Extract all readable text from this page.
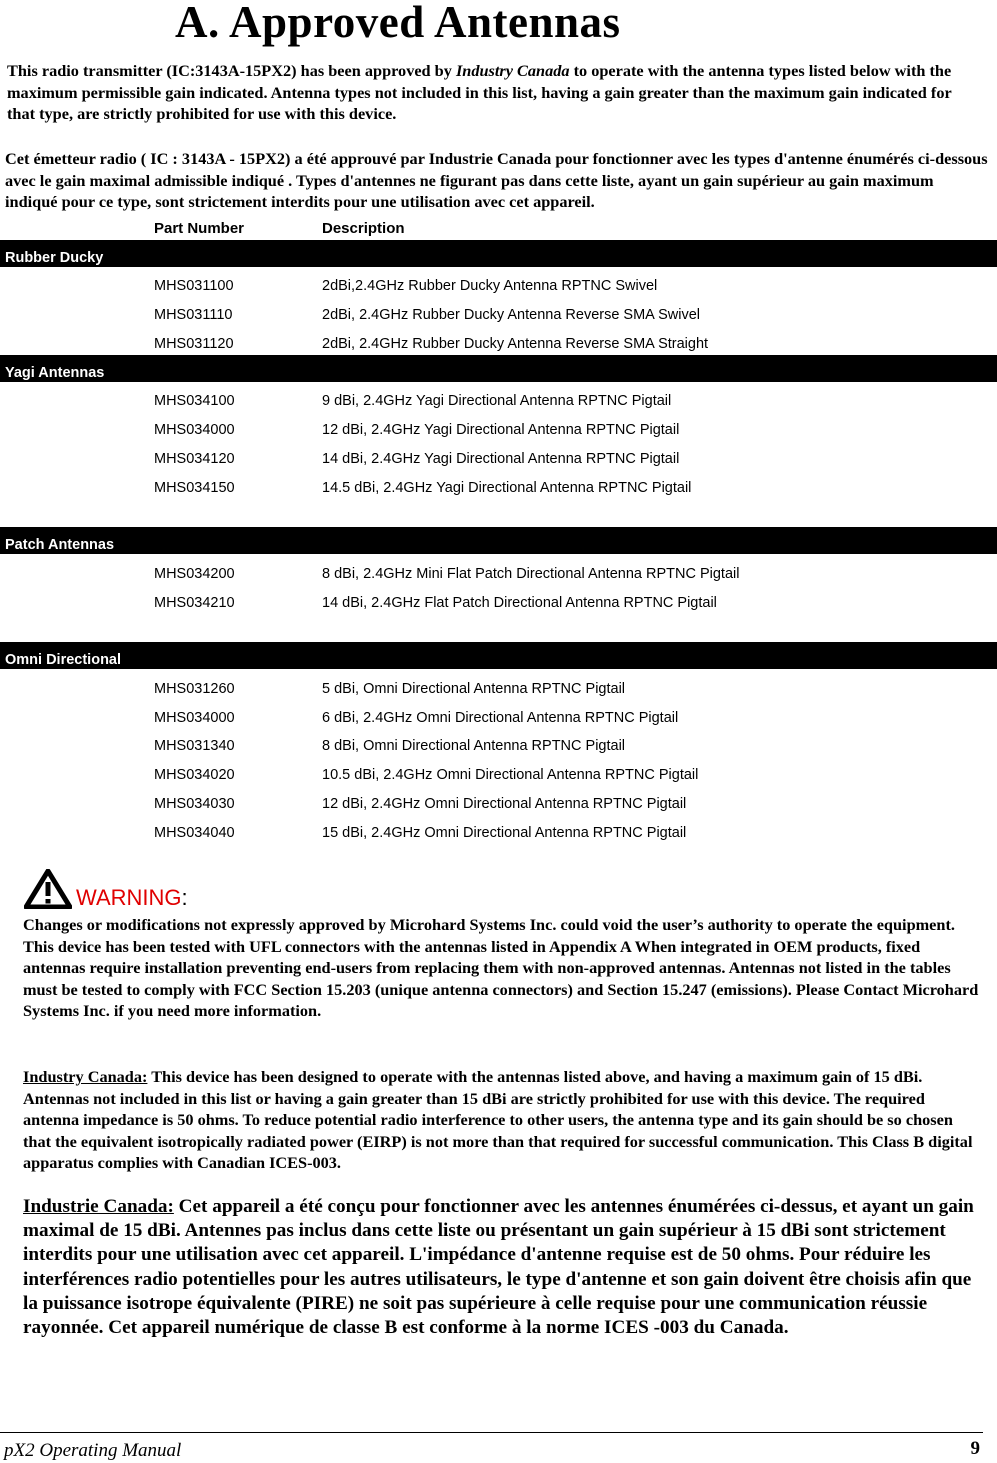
A. Approved Antennas
This radio transmitter (IC:3143A-15PX2) has been approved by Industry Canada to operate with the antenna types listed below with the maximum permissible gain indicated. Antenna types not included in this list, having a gain greater than the maximum gain indicated for that type, are strictly prohibited for use with this device.
Cet émetteur radio ( IC : 3143A - 15PX2) a été approuvé par Industrie Canada pour fonctionner avec les types d'antenne énumérés ci-dessous avec le gain maximal admissible indiqué . Types d'antennes ne figurant pas dans cette liste, ayant un gain supérieur au gain maximum indiqué pour ce type, sont strictement interdits pour une utilisation avec cet appareil.
Part Number	Description
Rubber Ducky
MHS031100	2dBi,2.4GHz Rubber Ducky Antenna RPTNC Swivel
MHS031110	2dBi, 2.4GHz Rubber Ducky Antenna Reverse SMA Swivel
MHS031120	2dBi, 2.4GHz Rubber Ducky Antenna Reverse SMA Straight
Yagi Antennas
MHS034100	9 dBi, 2.4GHz Yagi Directional Antenna RPTNC Pigtail
MHS034000	12 dBi, 2.4GHz Yagi Directional Antenna RPTNC Pigtail
MHS034120	14 dBi, 2.4GHz Yagi Directional Antenna RPTNC Pigtail
MHS034150	14.5 dBi, 2.4GHz Yagi Directional Antenna RPTNC Pigtail
Patch Antennas
MHS034200	8 dBi, 2.4GHz Mini Flat Patch Directional Antenna RPTNC Pigtail
MHS034210	14 dBi, 2.4GHz Flat Patch Directional Antenna RPTNC Pigtail
Omni Directional
MHS031260	5 dBi, Omni Directional Antenna RPTNC Pigtail
MHS034000	6 dBi, 2.4GHz Omni Directional Antenna RPTNC Pigtail
MHS031340	8 dBi, Omni Directional Antenna RPTNC Pigtail
MHS034020	10.5 dBi, 2.4GHz Omni Directional Antenna RPTNC Pigtail
MHS034030	12 dBi, 2.4GHz Omni Directional Antenna RPTNC Pigtail
MHS034040	15 dBi, 2.4GHz Omni Directional Antenna RPTNC Pigtail
WARNING:
Changes or modifications not expressly approved by Microhard Systems Inc. could void the user’s authority to operate the equipment. This device has been tested with UFL connectors with the antennas listed in Appendix A When integrated in OEM products, fixed antennas require installation preventing end-users from replacing them with non-approved antennas. Antennas not listed in the tables must be tested to comply with FCC Section 15.203 (unique antenna connectors) and Section 15.247 (emissions). Please Contact Microhard Systems Inc. if you need more information.
Industry Canada: This device has been designed to operate with the antennas listed above, and having a maximum gain of 15 dBi. Antennas not included in this list or having a gain greater than 15 dBi are strictly prohibited for use with this device. The required antenna impedance is 50 ohms. To reduce potential radio interference to other users, the antenna type and its gain should be so chosen that the equivalent isotropically radiated power (EIRP) is not more than that required for successful communication. This Class B digital apparatus complies with Canadian ICES-003.
Industrie Canada: Cet appareil a été conçu pour fonctionner avec les antennes énumérées ci-dessus, et ayant un gain maximal de 15 dBi. Antennes pas inclus dans cette liste ou présentant un gain supérieur à 15 dBi sont strictement interdits pour une utilisation avec cet appareil. L'impédance d'antenne requise est de 50 ohms. Pour réduire les interférences radio potentielles pour les autres utilisateurs, le type d'antenne et son gain doivent être choisis afin que la puissance isotrope équivalente (PIRE) ne soit pas supérieure à celle requise pour une communication réussie rayonnée. Cet appareil numérique de classe B est conforme à la norme ICES -003 du Canada.
pX2 Operating Manual	9
